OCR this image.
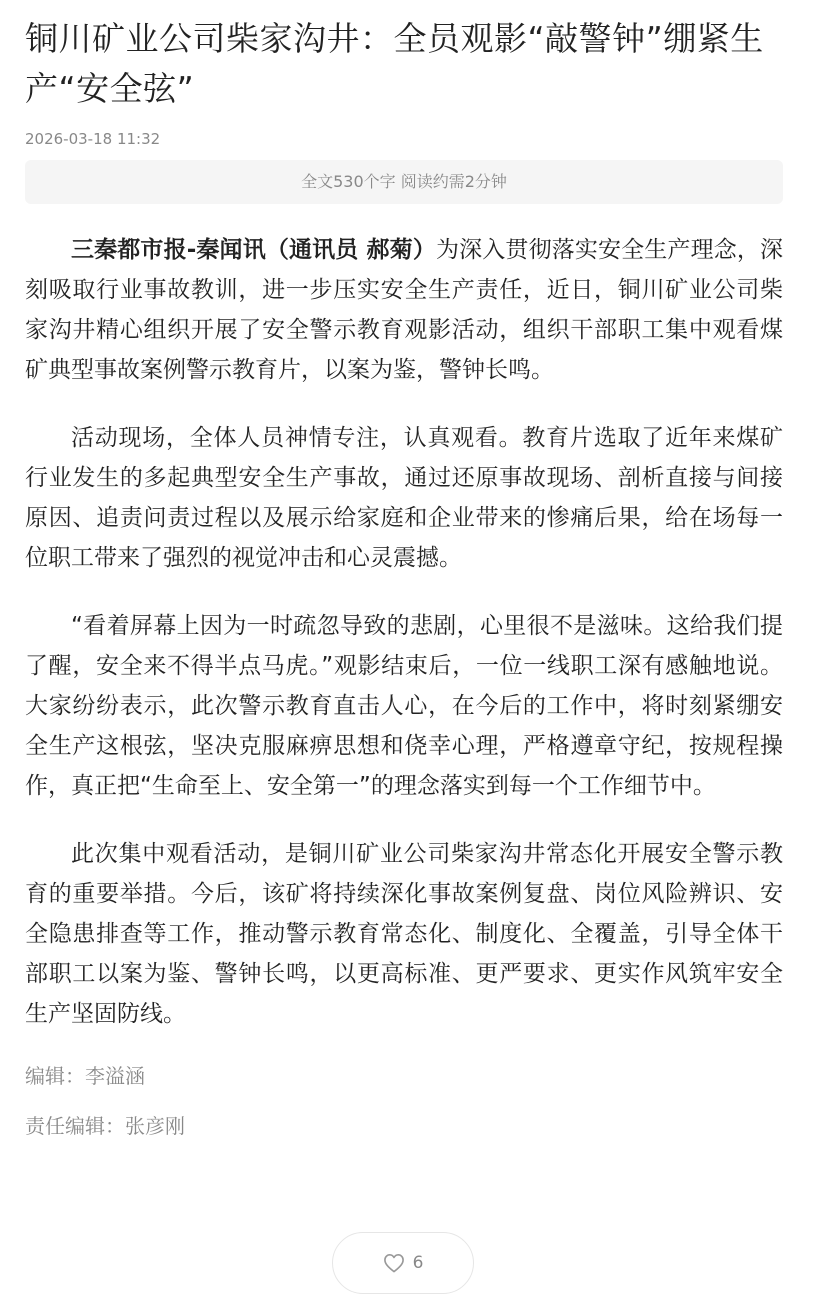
铜川矿业公司柴家沟井：全员观影“敲警钟”绷紧生产“安全弦”
2026-03-18 11:32
全文530个字 阅读约需2分钟

三秦都市报-秦闻讯（通讯员 郝菊）为深入贯彻落实安全生产理念，深刻吸取行业事故教训，进一步压实安全生产责任，近日，铜川矿业公司柴家沟井精心组织开展了安全警示教育观影活动，组织干部职工集中观看煤矿典型事故案例警示教育片，以案为鉴，警钟长鸣。

活动现场，全体人员神情专注，认真观看。教育片选取了近年来煤矿行业发生的多起典型安全生产事故，通过还原事故现场、剖析直接与间接原因、追责问责过程以及展示给家庭和企业带来的惨痛后果，给在场每一位职工带来了强烈的视觉冲击和心灵震撼。

“看着屏幕上因为一时疏忽导致的悲剧，心里很不是滋味。这给我们提了醒，安全来不得半点马虎。”观影结束后，一位一线职工深有感触地说。大家纷纷表示，此次警示教育直击人心，在今后的工作中，将时刻紧绷安全生产这根弦，坚决克服麻痹思想和侥幸心理，严格遵章守纪，按规程操作，真正把“生命至上、安全第一”的理念落实到每一个工作细节中。

此次集中观看活动，是铜川矿业公司柴家沟井常态化开展安全警示教育的重要举措。今后，该矿将持续深化事故案例复盘、岗位风险辨识、安全隐患排查等工作，推动警示教育常态化、制度化、全覆盖，引导全体干部职工以案为鉴、警钟长鸣，以更高标准、更严要求、更实作风筑牢安全生产坚固防线。

编辑：李溢涵
责任编辑：张彦刚
6
